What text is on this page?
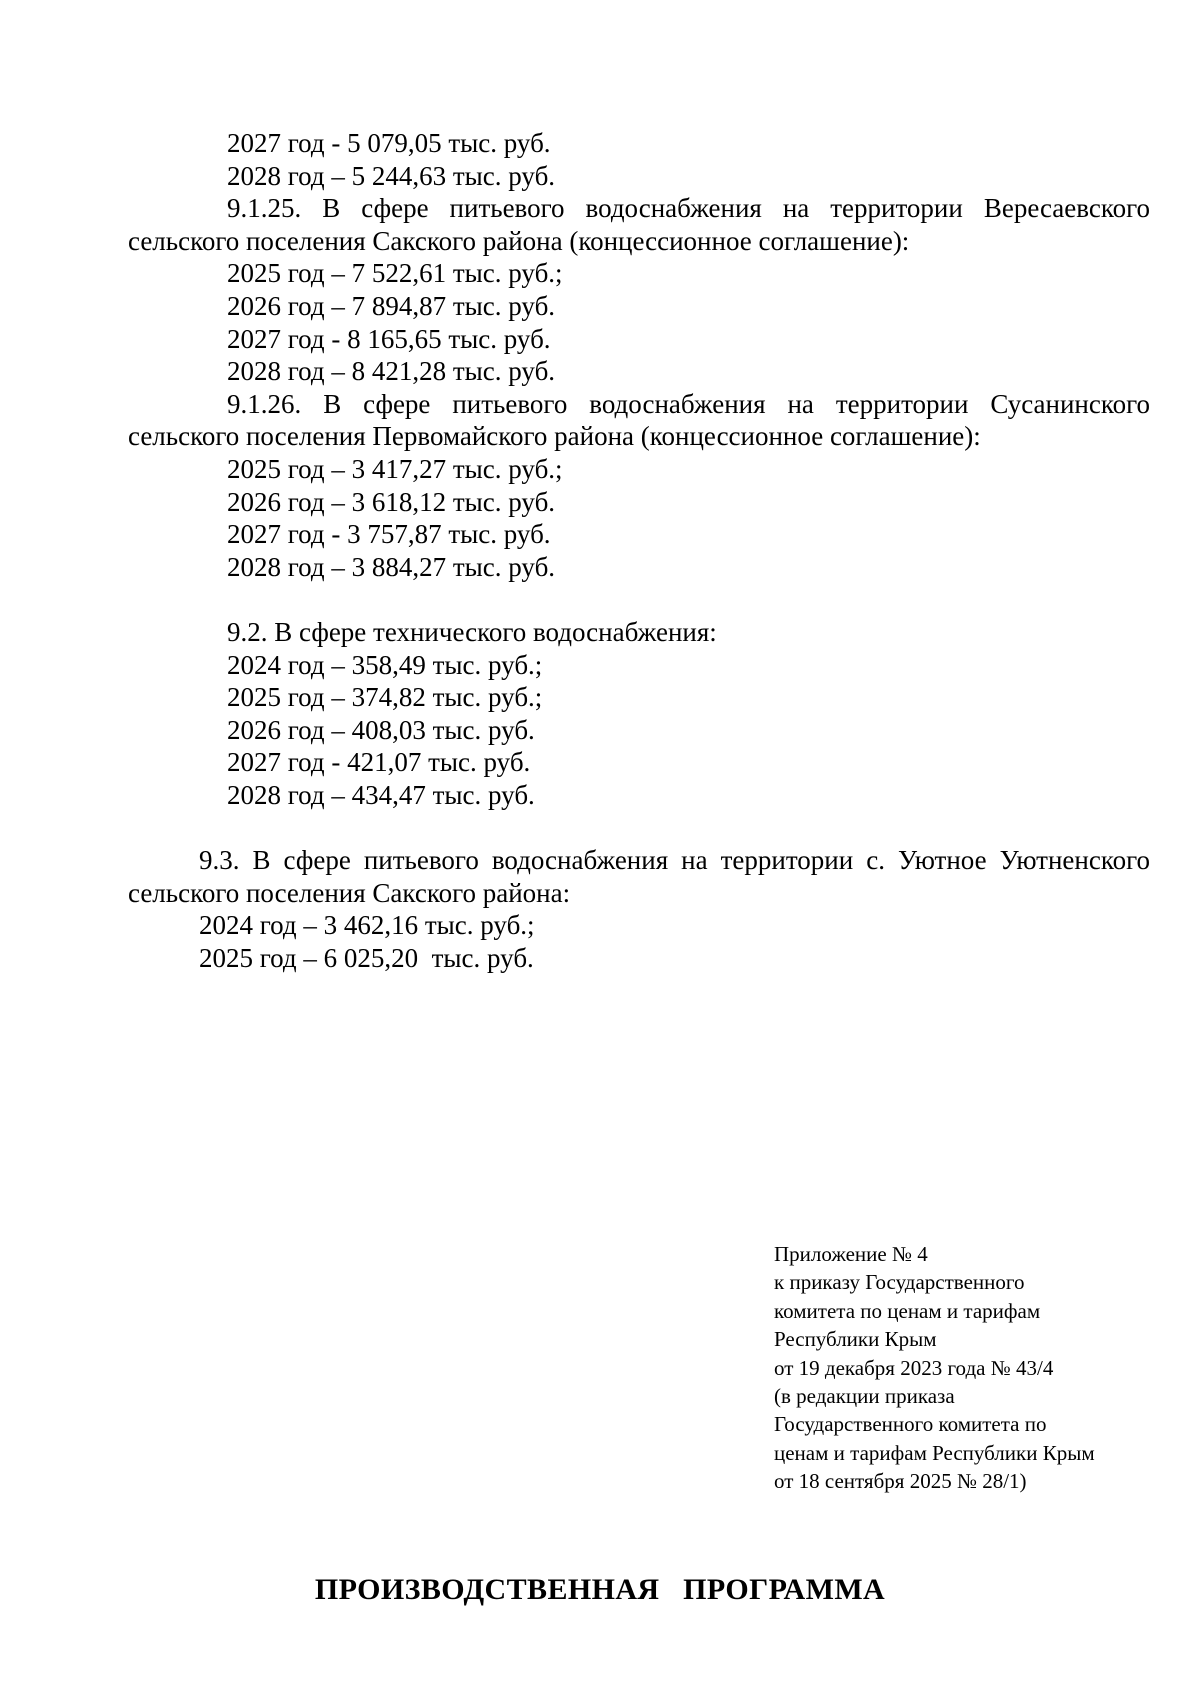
2027 год - 5 079,05 тыс. руб.
2028 год – 5 244,63 тыс. руб.
9.1.25. В сфере питьевого водоснабжения на территории Вересаевского сельского поселения Сакского района (концессионное соглашение):
2025 год – 7 522,61 тыс. руб.;
2026 год – 7 894,87 тыс. руб.
2027 год - 8 165,65 тыс. руб.
2028 год – 8 421,28 тыс. руб.
9.1.26. В сфере питьевого водоснабжения на территории Сусанинского сельского поселения Первомайского района (концессионное соглашение):
2025 год – 3 417,27 тыс. руб.;
2026 год – 3 618,12 тыс. руб.
2027 год - 3 757,87 тыс. руб.
2028 год – 3 884,27 тыс. руб.
9.2. В сфере технического водоснабжения:
2024 год – 358,49 тыс. руб.;
2025 год – 374,82 тыс. руб.;
2026 год – 408,03 тыс. руб.
2027 год - 421,07 тыс. руб.
2028 год – 434,47 тыс. руб.
9.3. В сфере питьевого водоснабжения на территории с. Уютное Уютненского сельского поселения Сакского района:
2024 год – 3 462,16 тыс. руб.;
2025 год – 6 025,20  тыс. руб.
Приложение № 4
к приказу Государственного
комитета по ценам и тарифам
Республики Крым
от 19 декабря 2023 года № 43/4
(в редакции приказа
Государственного комитета по
ценам и тарифам Республики Крым
от 18 сентября 2025 № 28/1)
ПРОИЗВОДСТВЕННАЯ   ПРОГРАММА
